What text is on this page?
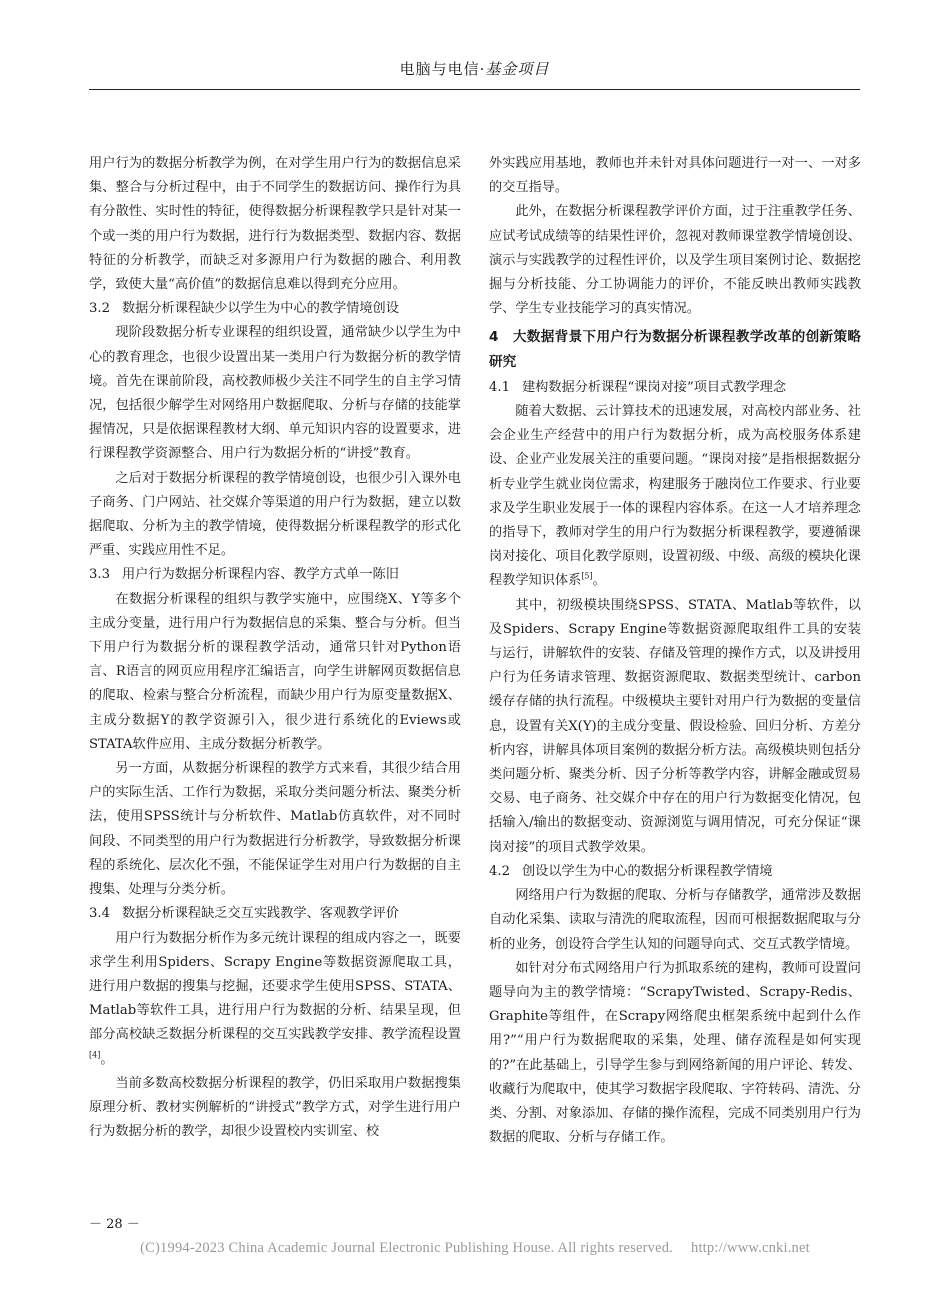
电脑与电信·基金项目

用户行为的数据分析教学为例，在对学生用户行为的数据信息采集、整合与分析过程中，由于不同学生的数据访问、操作行为具有分散性、实时性的特征，使得数据分析课程教学只是针对某一个或一类的用户行为数据，进行行为数据类型、数据内容、数据特征的分析教学，而缺乏对多源用户行为数据的融合、利用教学，致使大量“高价值”的数据信息难以得到充分应用。

3.2 数据分析课程缺少以学生为中心的教学情境创设

现阶段数据分析专业课程的组织设置，通常缺少以学生为中心的教育理念，也很少设置出某一类用户行为数据分析的教学情境。首先在课前阶段，高校教师极少关注不同学生的自主学习情况，包括很少解学生对网络用户数据爬取、分析与存储的技能掌握情况，只是依据课程教材大纲、单元知识内容的设置要求，进行课程教学资源整合、用户行为数据分析的“讲授”教育。

之后对于数据分析课程的教学情境创设，也很少引入课外电子商务、门户网站、社交媒介等渠道的用户行为数据，建立以数据爬取、分析为主的教学情境，使得数据分析课程教学的形式化严重、实践应用性不足。

3.3 用户行为数据分析课程内容、教学方式单一陈旧

在数据分析课程的组织与教学实施中，应围绕X、Y等多个主成分变量，进行用户行为数据信息的采集、整合与分析。但当下用户行为数据分析的课程教学活动，通常只针对Python语言、R语言的网页应用程序汇编语言，向学生讲解网页数据信息的爬取、检索与整合分析流程，而缺少用户行为原变量数据X、主成分数据Y的教学资源引入，很少进行系统化的Eviews或STATA软件应用、主成分数据分析教学。

另一方面，从数据分析课程的教学方式来看，其很少结合用户的实际生活、工作行为数据，采取分类问题分析法、聚类分析法，使用SPSS统计与分析软件、Matlab仿真软件，对不同时间段、不同类型的用户行为数据进行分析教学，导致数据分析课程的系统化、层次化不强，不能保证学生对用户行为数据的自主搜集、处理与分类分析。

3.4 数据分析课程缺乏交互实践教学、客观教学评价

用户行为数据分析作为多元统计课程的组成内容之一，既要求学生利用Spiders、Scrapy Engine等数据资源爬取工具，进行用户数据的搜集与挖掘，还要求学生使用SPSS、STATA、Matlab等软件工具，进行用户行为数据的分析、结果呈现，但部分高校缺乏数据分析课程的交互实践教学安排、教学流程设置[4]。

当前多数高校数据分析课程的教学，仍旧采取用户数据搜集原理分析、教材实例解析的“讲授式”教学方式，对学生进行用户行为数据分析的教学，却很少设置校内实训室、校

外实践应用基地，教师也并未针对具体问题进行一对一、一对多的交互指导。

此外，在数据分析课程教学评价方面，过于注重教学任务、应试考试成绩等的结果性评价，忽视对教师课堂教学情境创设、演示与实践教学的过程性评价，以及学生项目案例讨论、数据挖掘与分析技能、分工协调能力的评价，不能反映出教师实践教学、学生专业技能学习的真实情况。

4 大数据背景下用户行为数据分析课程教学改革的创新策略研究
4.1 建构数据分析课程“课岗对接”项目式教学理念

随着大数据、云计算技术的迅速发展，对高校内部业务、社会企业生产经营中的用户行为数据分析，成为高校服务体系建设、企业产业发展关注的重要问题。“课岗对接”是指根据数据分析专业学生就业岗位需求，构建服务于融岗位工作要求、行业要求及学生职业发展于一体的课程内容体系。在这一人才培养理念的指导下，教师对学生的用户行为数据分析课程教学，要遵循课岗对接化、项目化教学原则，设置初级、中级、高级的模块化课程教学知识体系[5]。

其中，初级模块围绕SPSS、STATA、Matlab等软件，以及Spiders、Scrapy Engine等数据资源爬取组件工具的安装与运行，讲解软件的安装、存储及管理的操作方式，以及讲授用户行为任务请求管理、数据资源爬取、数据类型统计、carbon缓存存储的执行流程。中级模块主要针对用户行为数据的变量信息，设置有关X(Y)的主成分变量、假设检验、回归分析、方差分析内容，讲解具体项目案例的数据分析方法。高级模块则包括分类问题分析、聚类分析、因子分析等教学内容，讲解金融或贸易交易、电子商务、社交媒介中存在的用户行为数据变化情况，包括输入/输出的数据变动、资源浏览与调用情况，可充分保证“课岗对接”的项目式教学效果。

4.2 创设以学生为中心的数据分析课程教学情境

网络用户行为数据的爬取、分析与存储教学，通常涉及数据自动化采集、读取与清洗的爬取流程，因而可根据数据爬取与分析的业务，创设符合学生认知的问题导向式、交互式教学情境。

如针对分布式网络用户行为抓取系统的建构，教师可设置问题导向为主的教学情境：“ScrapyTwisted、Scrapy-Redis、Graphite等组件，在Scrapy网络爬虫框架系统中起到什么作用?”“用户行为数据爬取的采集，处理、储存流程是如何实现的?”在此基础上，引导学生参与到网络新闻的用户评论、转发、收藏行为爬取中，使其学习数据字段爬取、字符转码、清洗、分类、分割、对象添加、存储的操作流程，完成不同类别用户行为数据的爬取、分析与存储工作。

－ 28 －
(C)1994-2023 China Academic Journal Electronic Publishing House. All rights reserved. http://www.cnki.net
